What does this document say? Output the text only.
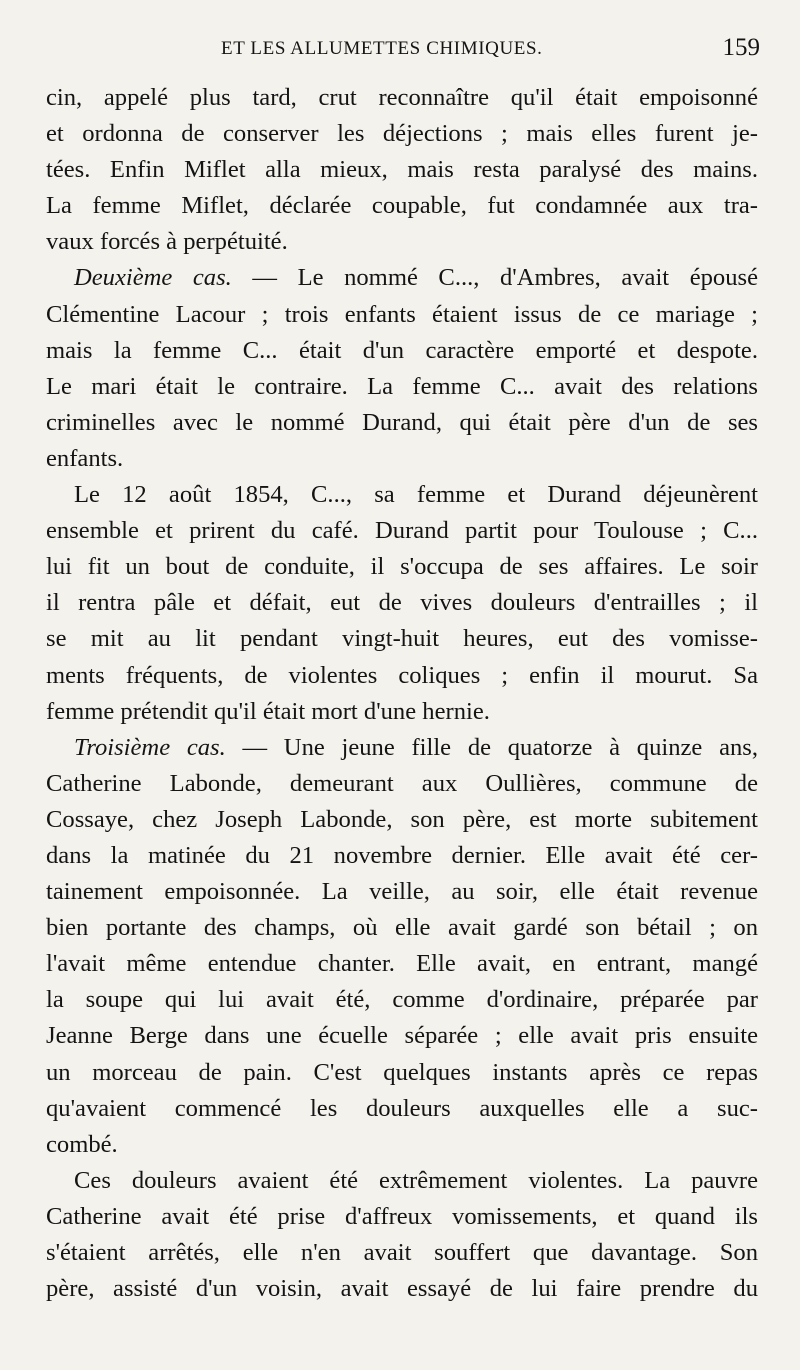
ET LES ALLUMETTES CHIMIQUES.	159
cin, appelé plus tard, crut reconnaître qu'il était empoisonné
et ordonna de conserver les déjections ; mais elles furent je-
tées. Enfin Miflet alla mieux, mais resta paralysé des mains.
La femme Miflet, déclarée coupable, fut condamnée aux tra-
vaux forcés à perpétuité.
Deuxième cas. — Le nommé C..., d'Ambres, avait épousé
Clémentine Lacour ; trois enfants étaient issus de ce mariage ;
mais la femme C... était d'un caractère emporté et despote.
Le mari était le contraire. La femme C... avait des relations
criminelles avec le nommé Durand, qui était père d'un de ses
enfants.
Le 12 août 1854, C..., sa femme et Durand déjeunèrent
ensemble et prirent du café. Durand partit pour Toulouse ; C...
lui fit un bout de conduite, il s'occupa de ses affaires. Le soir
il rentra pâle et défait, eut de vives douleurs d'entrailles ; il
se mit au lit pendant vingt-huit heures, eut des vomisse-
ments fréquents, de violentes coliques ; enfin il mourut. Sa
femme prétendit qu'il était mort d'une hernie.
Troisième cas. — Une jeune fille de quatorze à quinze ans,
Catherine Labonde, demeurant aux Oullières, commune de
Cossaye, chez Joseph Labonde, son père, est morte subitement
dans la matinée du 21 novembre dernier. Elle avait été cer-
tainement empoisonnée. La veille, au soir, elle était revenue
bien portante des champs, où elle avait gardé son bétail ; on
l'avait même entendue chanter. Elle avait, en entrant, mangé
la soupe qui lui avait été, comme d'ordinaire, préparée par
Jeanne Berge dans une écuelle séparée ; elle avait pris ensuite
un morceau de pain. C'est quelques instants après ce repas
qu'avaient commencé les douleurs auxquelles elle a suc-
combé.
Ces douleurs avaient été extrêmement violentes. La pauvre
Catherine avait été prise d'affreux vomissements, et quand ils
s'étaient arrêtés, elle n'en avait souffert que davantage. Son
père, assisté d'un voisin, avait essayé de lui faire prendre du
